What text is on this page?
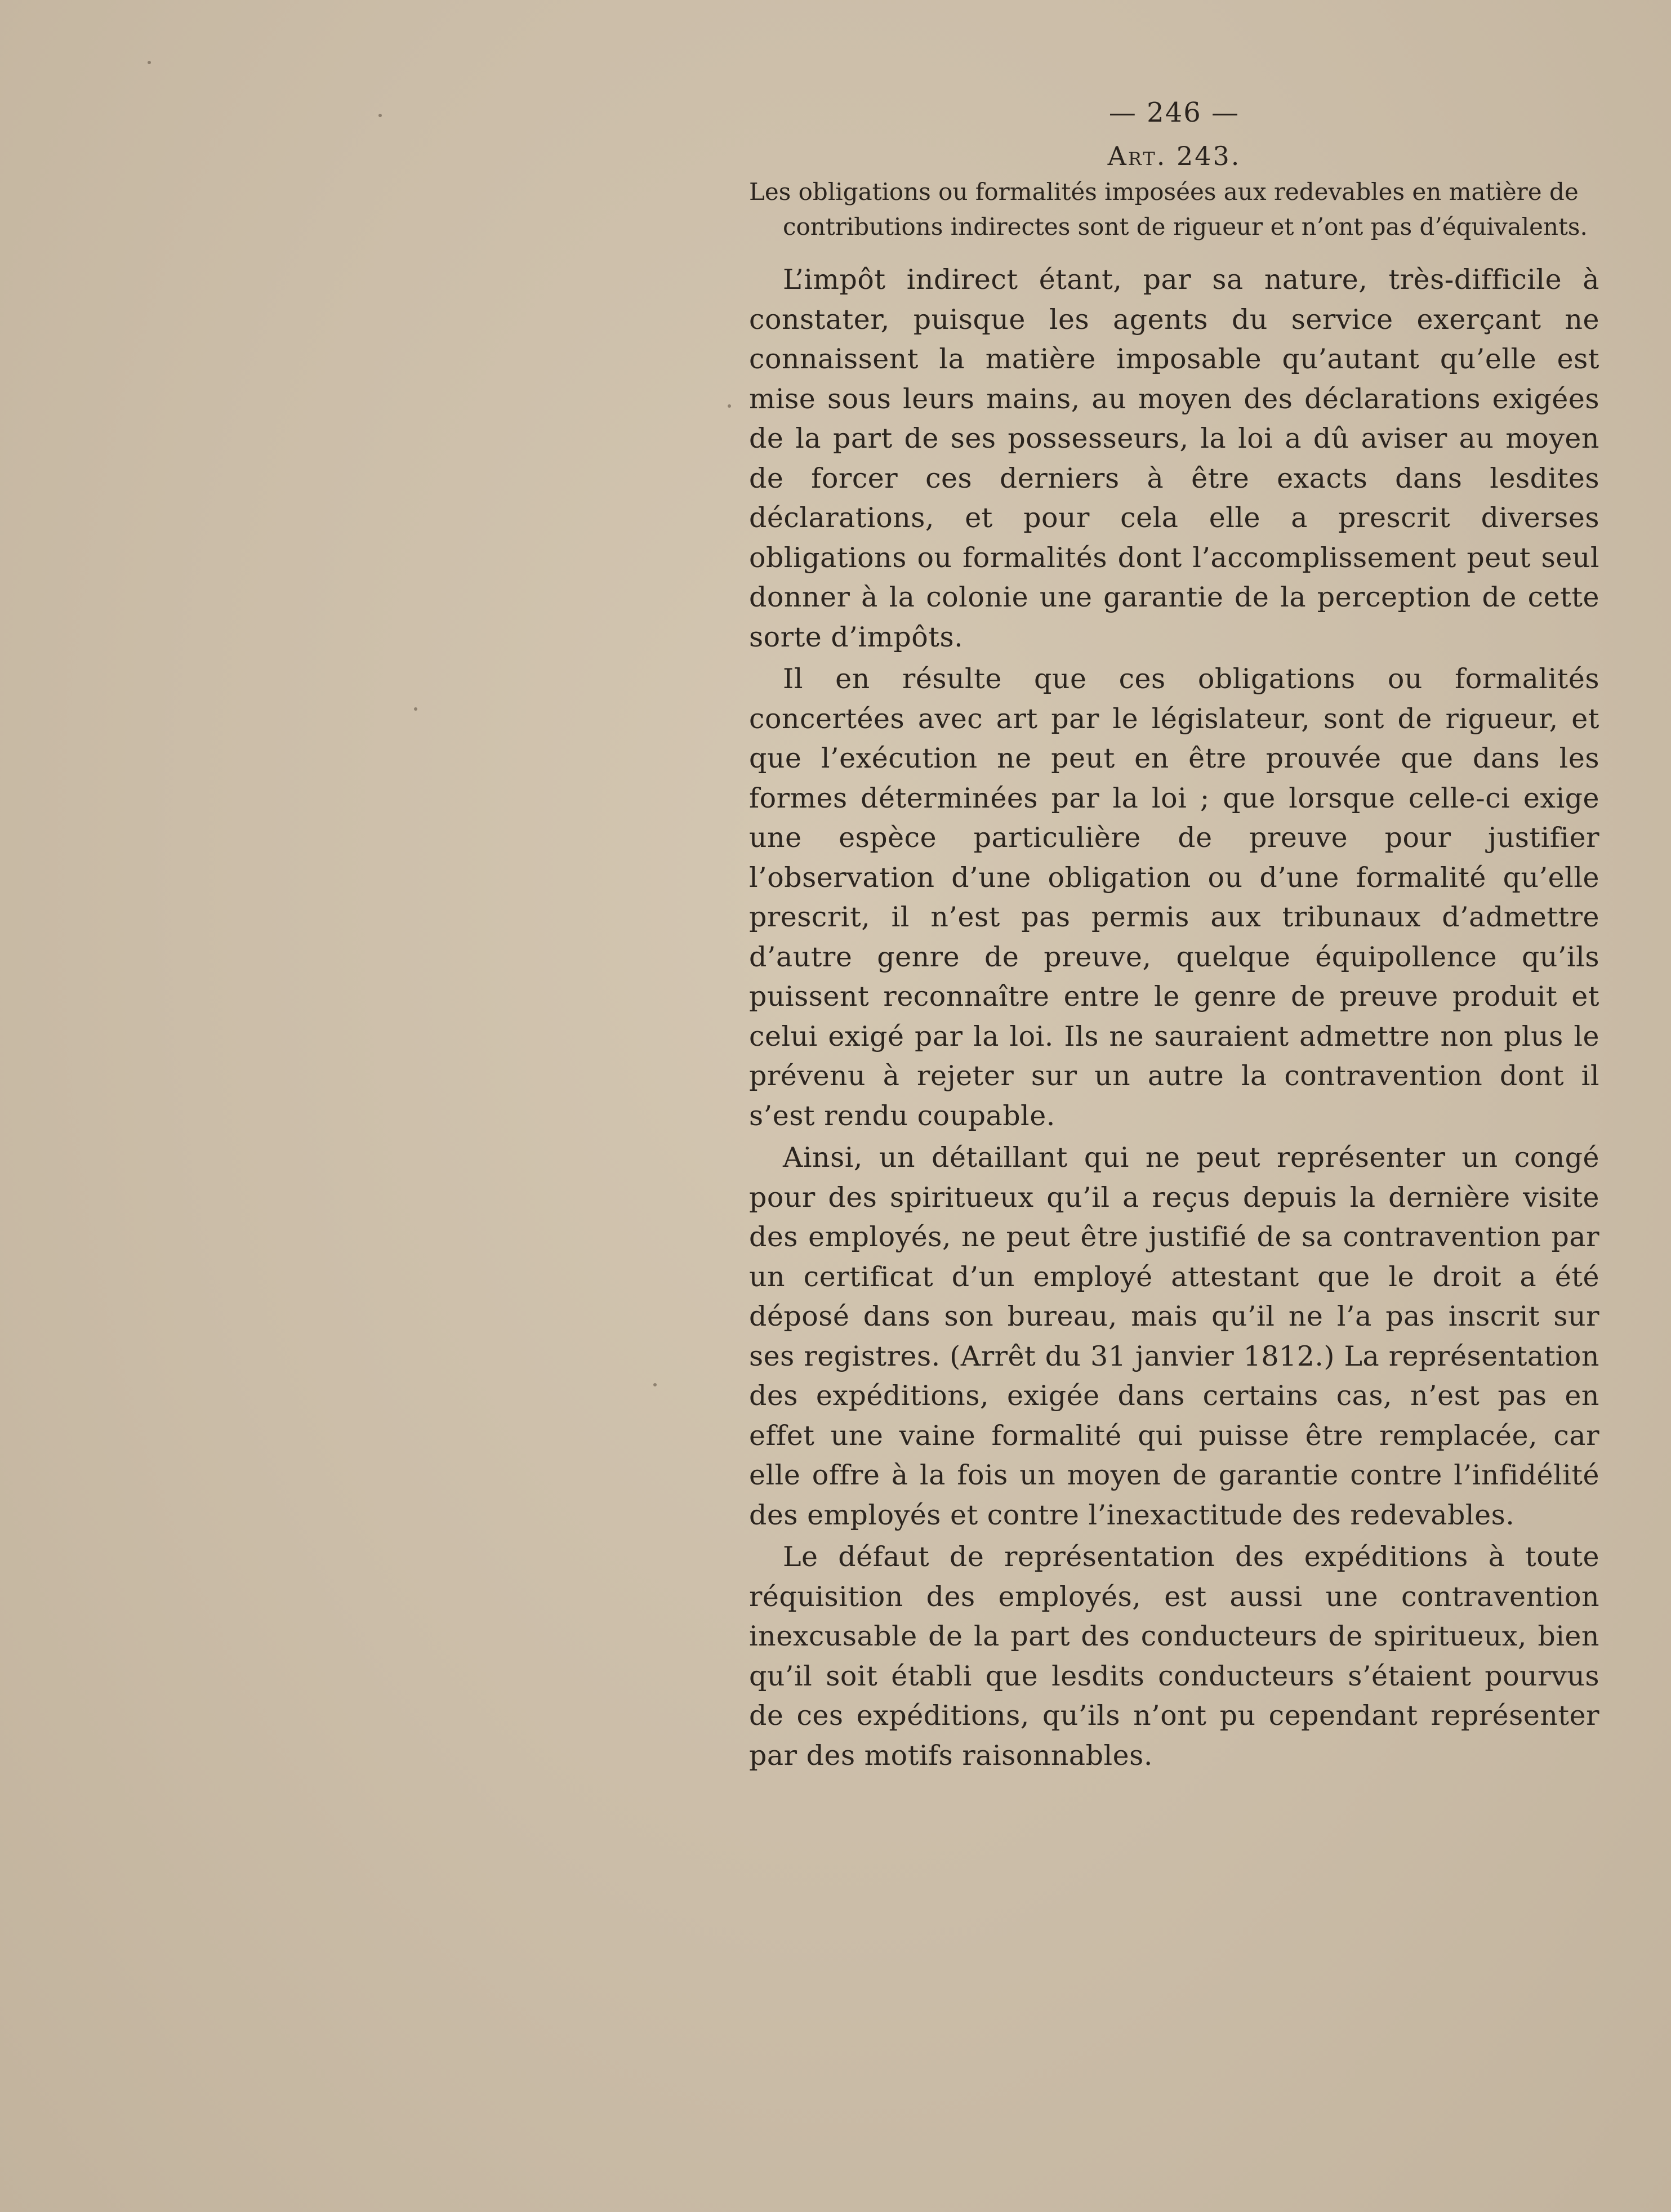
— 246 —
Art. 243.
Les obligations ou formalités imposées aux redevables en matière de
contributions indirectes sont de rigueur et n’ont pas d’équivalents.

L’impôt indirect étant, par sa nature, très-difficile à constater, puisque les agents du service exerçant ne connaissent la matière imposable qu’autant qu’elle est mise sous leurs mains, au moyen des déclarations exigées de la part de ses possesseurs, la loi a dû aviser au moyen de forcer ces derniers à être exacts dans lesdites déclarations, et pour cela elle a prescrit diverses obligations ou formalités dont l’accomplissement peut seul donner à la colonie une garantie de la perception de cette sorte d’impôts.

Il en résulte que ces obligations ou formalités concertées avec art par le législateur, sont de rigueur, et que l’exécution ne peut en être prouvée que dans les formes déterminées par la loi ; que lorsque celle-ci exige une espèce particulière de preuve pour justifier l’observation d’une obligation ou d’une formalité qu’elle prescrit, il n’est pas permis aux tribunaux d’admettre d’autre genre de preuve, quelque équipollence qu’ils puissent reconnaître entre le genre de preuve produit et celui exigé par la loi. Ils ne sauraient admettre non plus le prévenu à rejeter sur un autre la contravention dont il s’est rendu coupable.

Ainsi, un détaillant qui ne peut représenter un congé pour des spiritueux qu’il a reçus depuis la dernière visite des employés, ne peut être justifié de sa contravention par un certificat d’un employé attestant que le droit a été déposé dans son bureau, mais qu’il ne l’a pas inscrit sur ses registres. (Arrêt du 31 janvier 1812.) La représentation des expéditions, exigée dans certains cas, n’est pas en effet une vaine formalité qui puisse être remplacée, car elle offre à la fois un moyen de garantie contre l’infidélité des employés et contre l’inexactitude des redevables.

Le défaut de représentation des expéditions à toute réquisition des employés, est aussi une contravention inexcusable de la part des conducteurs de spiritueux, bien qu’il soit établi que lesdits conducteurs s’étaient pourvus de ces expéditions, qu’ils n’ont pu cependant représenter par des motifs raisonnables.
